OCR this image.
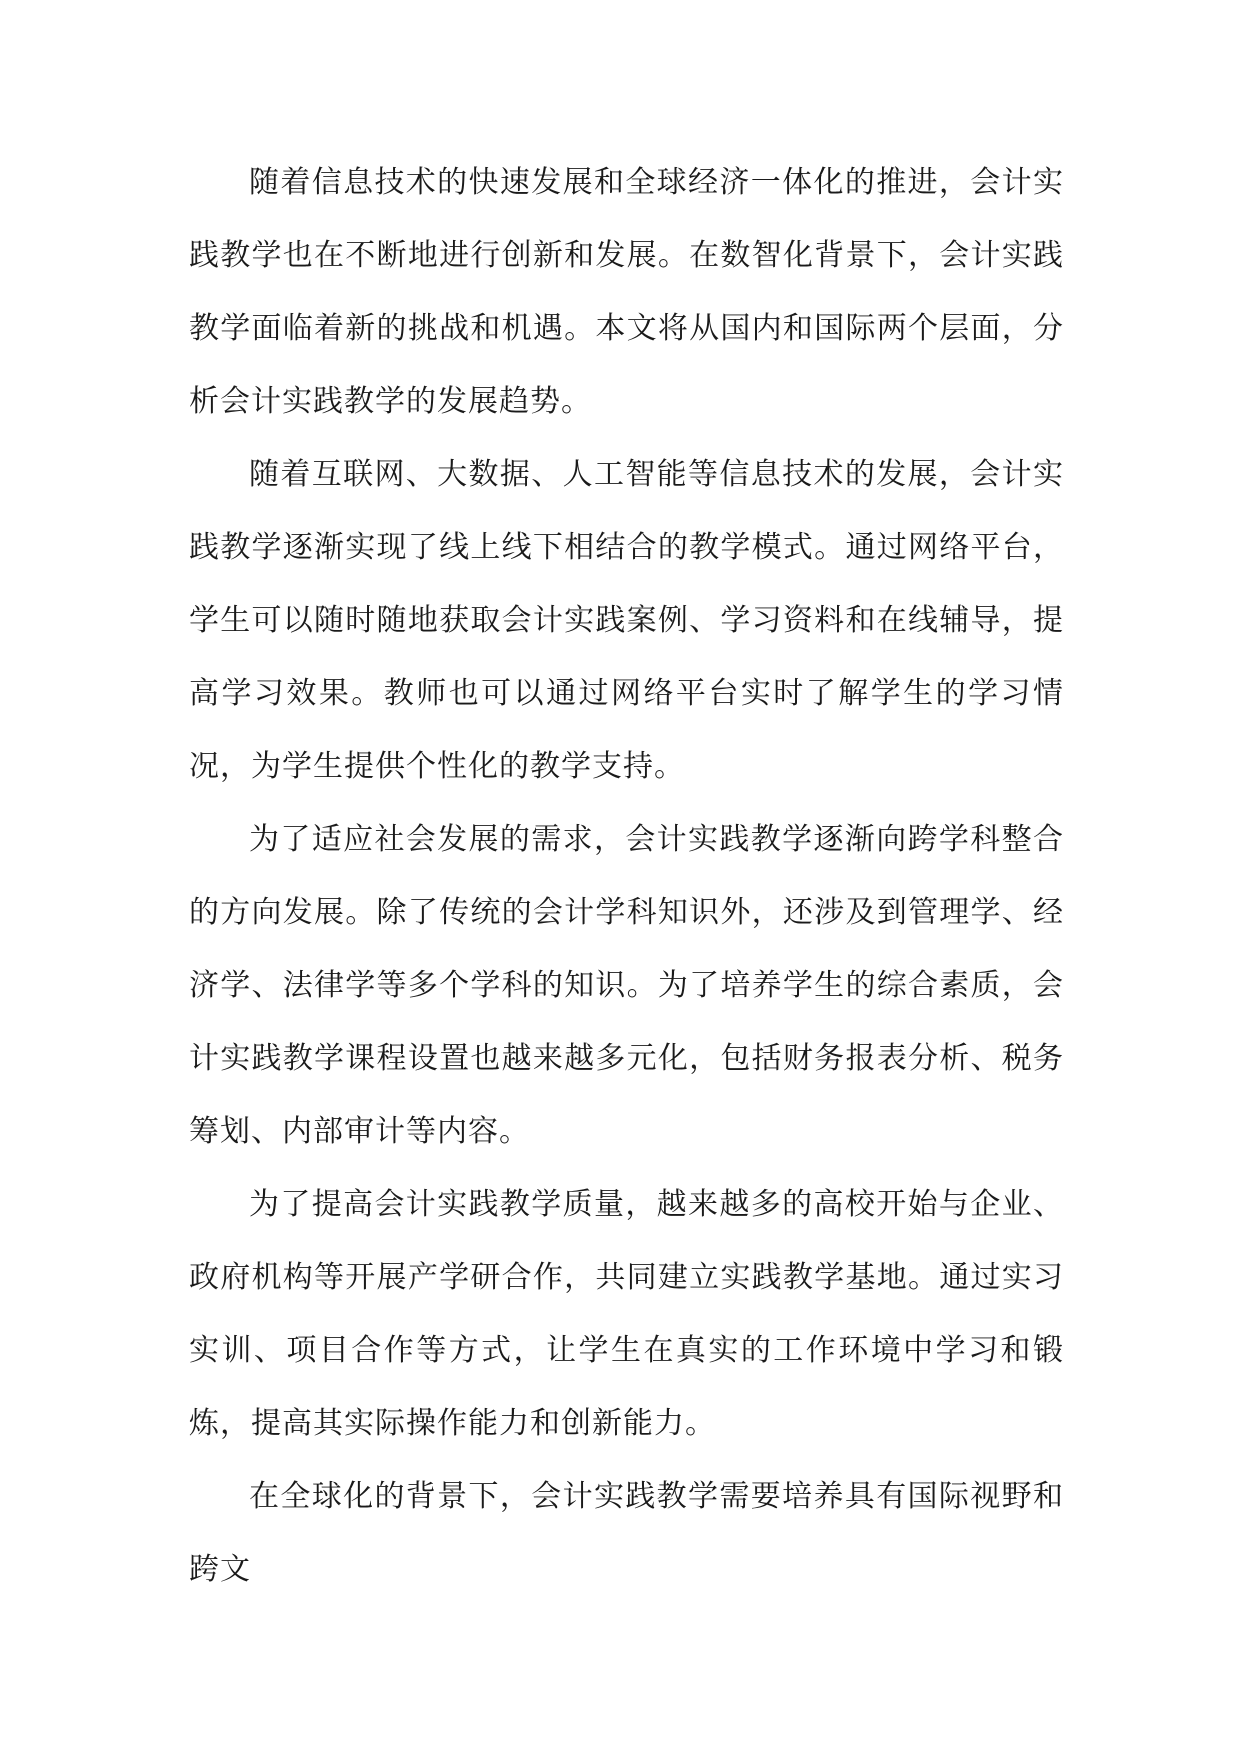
随着信息技术的快速发展和全球经济一体化的推进，会计实践教学也在不断地进行创新和发展。在数智化背景下，会计实践教学面临着新的挑战和机遇。本文将从国内和国际两个层面，分析会计实践教学的发展趋势。

随着互联网、大数据、人工智能等信息技术的发展，会计实践教学逐渐实现了线上线下相结合的教学模式。通过网络平台，学生可以随时随地获取会计实践案例、学习资料和在线辅导，提高学习效果。教师也可以通过网络平台实时了解学生的学习情况，为学生提供个性化的教学支持。

为了适应社会发展的需求，会计实践教学逐渐向跨学科整合的方向发展。除了传统的会计学科知识外，还涉及到管理学、经济学、法律学等多个学科的知识。为了培养学生的综合素质，会计实践教学课程设置也越来越多元化，包括财务报表分析、税务筹划、内部审计等内容。

为了提高会计实践教学质量，越来越多的高校开始与企业、政府机构等开展产学研合作，共同建立实践教学基地。通过实习实训、项目合作等方式，让学生在真实的工作环境中学习和锻炼，提高其实际操作能力和创新能力。

在全球化的背景下，会计实践教学需要培养具有国际视野和跨文
